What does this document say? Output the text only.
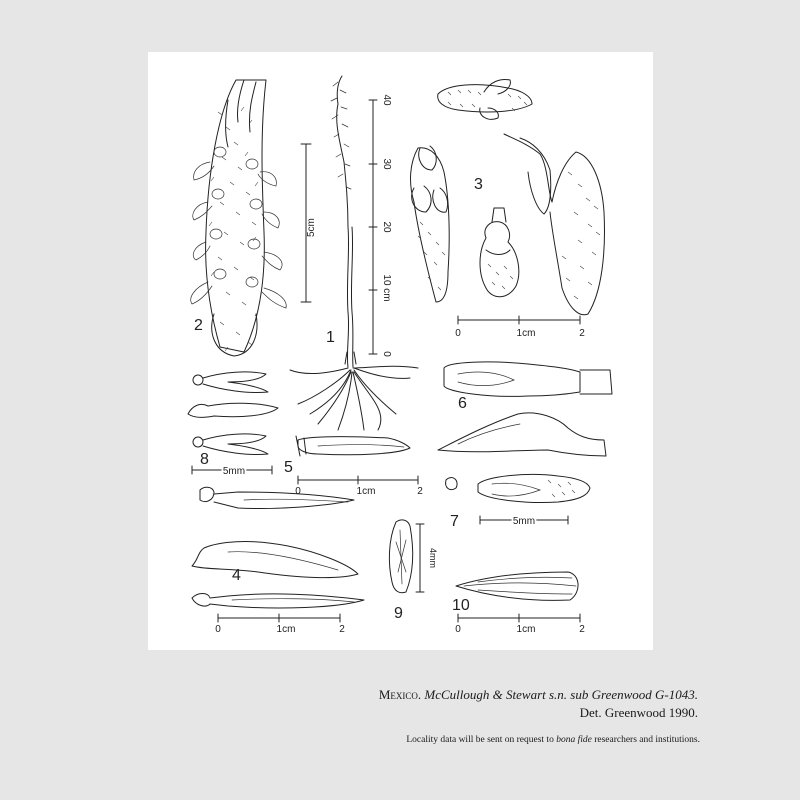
2
5cm
1
0
10 cm
20
30
40
3
0	1cm	2
8
5mm 5
0	1cm	2
6
7	5mm
4
0	1cm	2
9
4mm
10
0	1cm	2
Mexico. McCullough & Stewart s.n. sub Greenwood G-1043.
Det. Greenwood 1990.
Locality data will be sent on request to bona fide researchers and institutions.
